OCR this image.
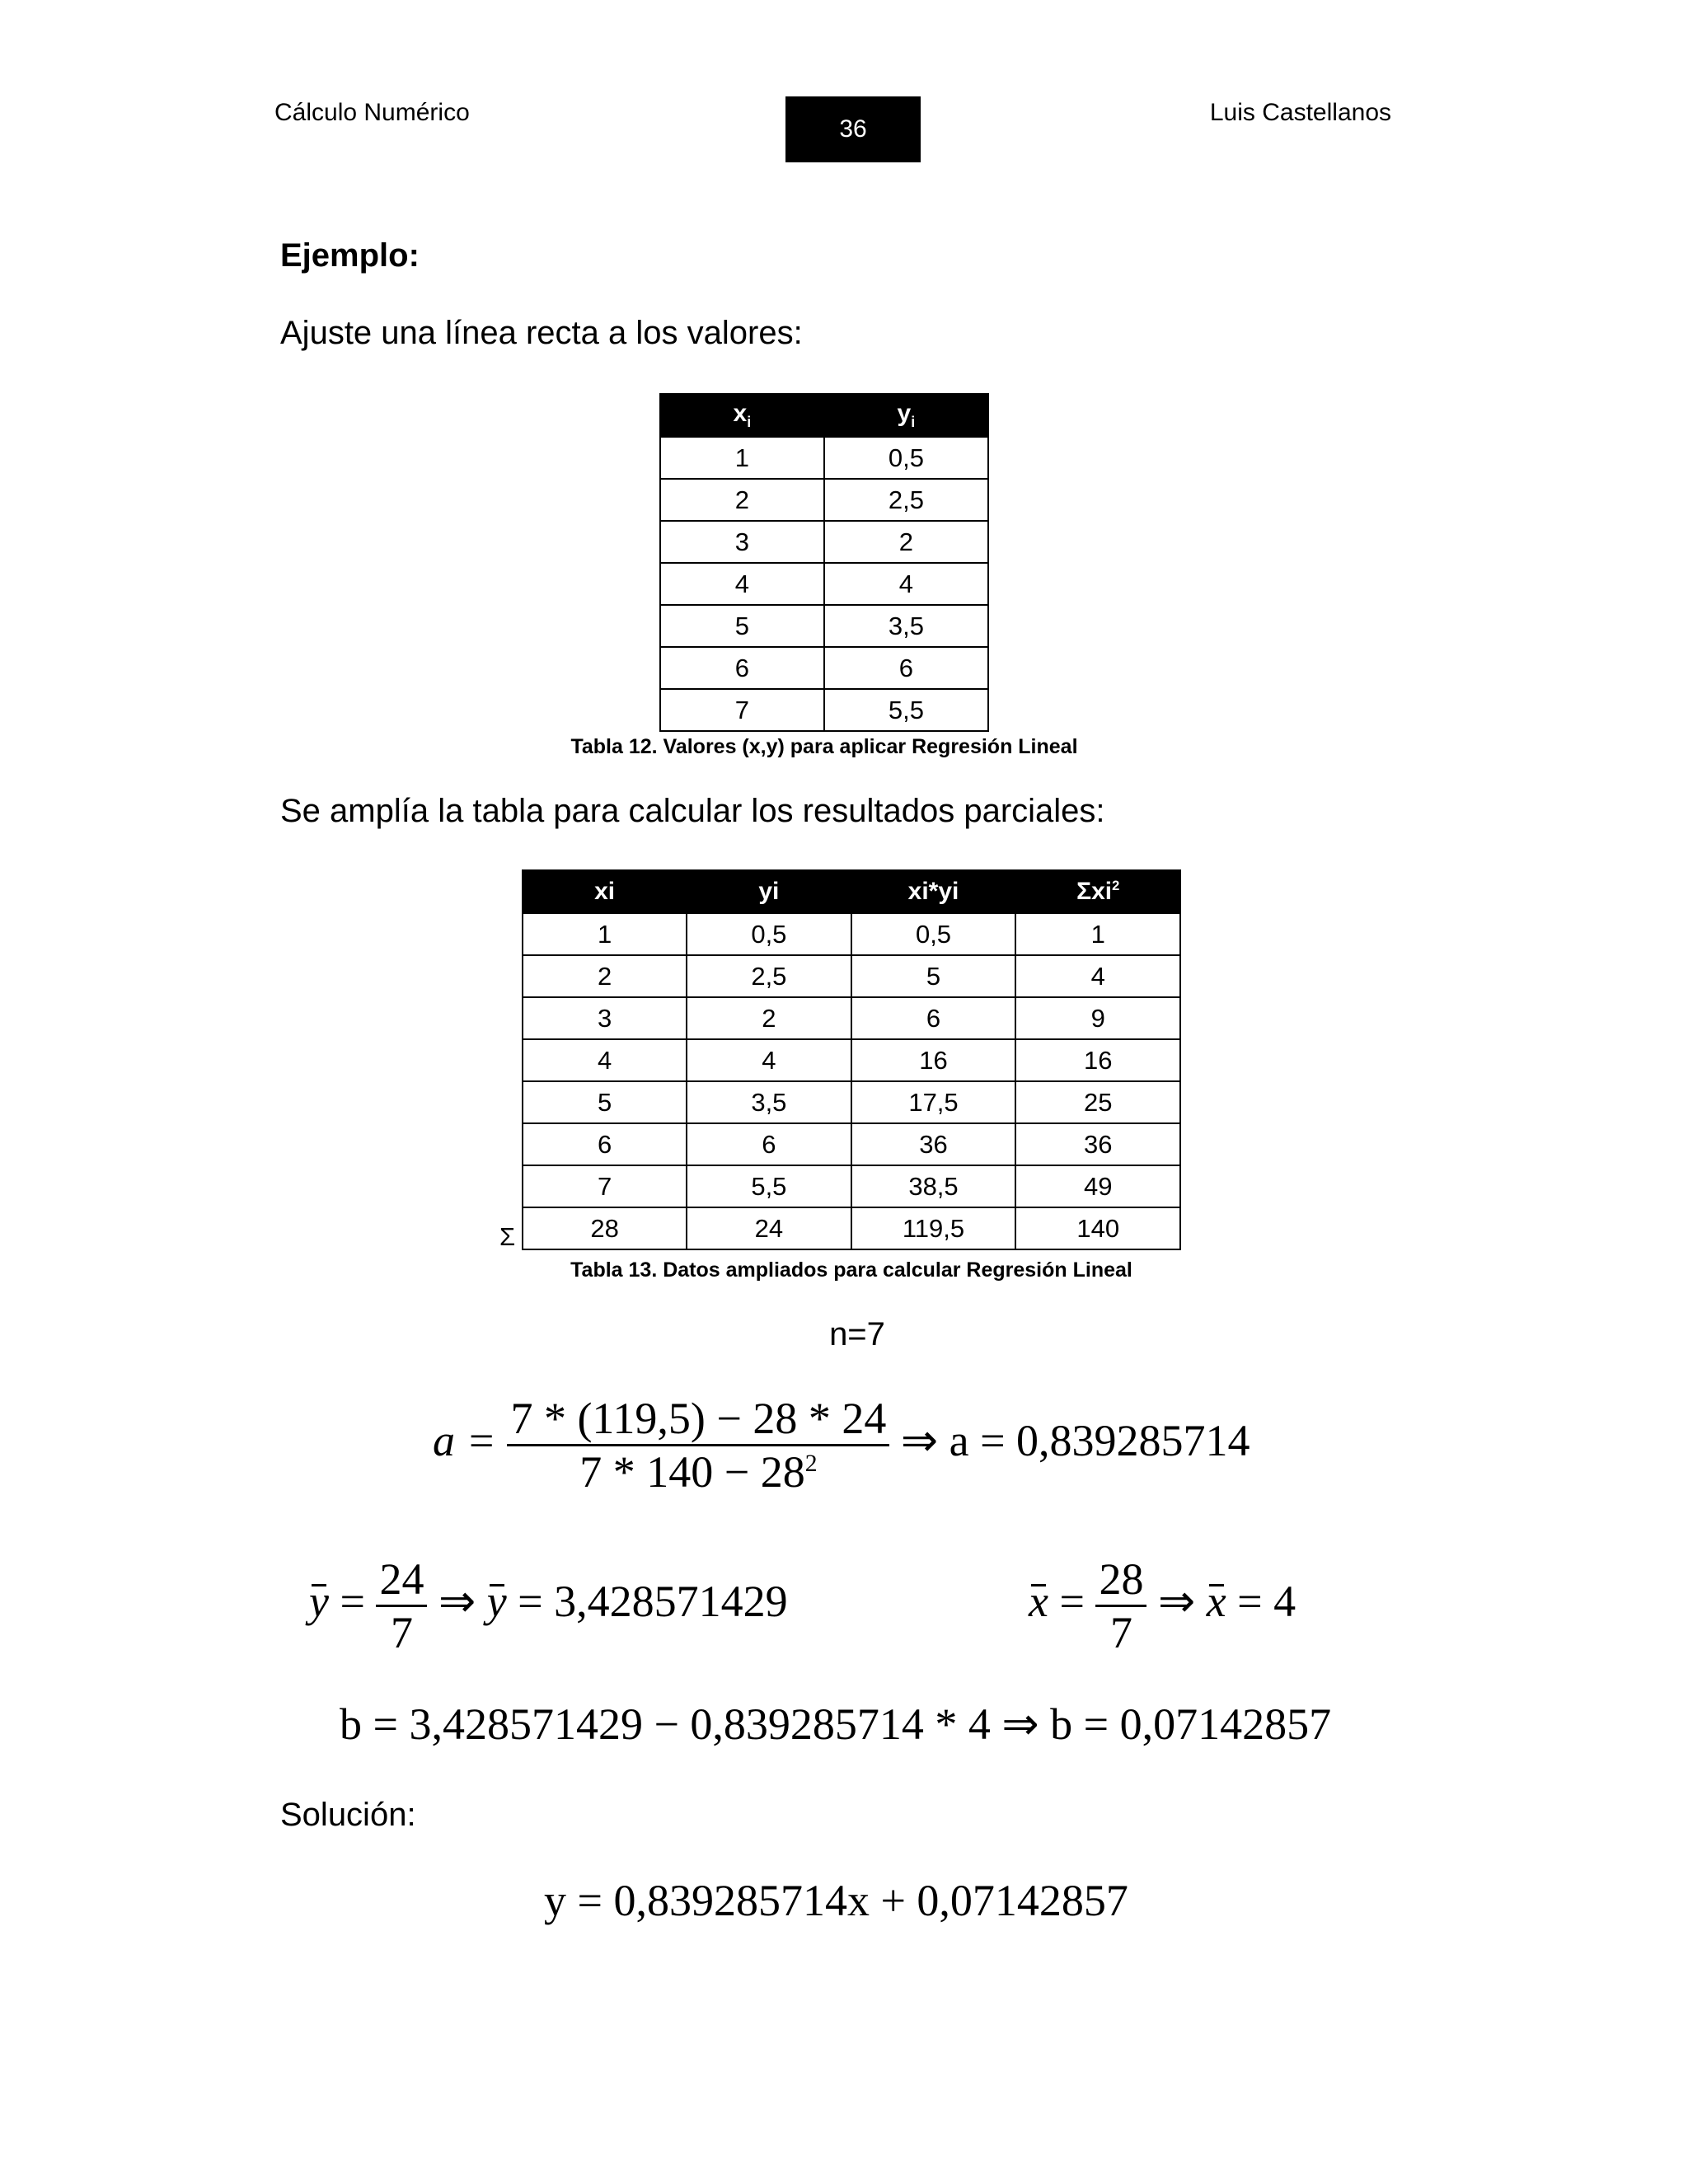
Cálculo Numérico
36
Luis Castellanos
Ejemplo:
Ajuste una línea recta a los valores:
$x_i$	$y_i$
1	0,5
2	2,5
3	2
4	4
5	3,5
6	6
7	5,5
Tabla 12. Valores (x,y) para aplicar Regresión Lineal
Se amplía la tabla para calcular los resultados parciales:
Σ
xi	yi	xi*yi	Σxi$^2$
1	0,5	0,5	1
2	2,5	5	4
3	2	6	9
4	4	16	16
5	3,5	17,5	25
6	6	36	36
7	5,5	38,5	49
28	24	119,5	140
Tabla 13. Datos ampliados para calcular Regresión Lineal
n=7
$a = \frac{7 * (119,5) - 28 * 24}{7 * 140 - 28^2}$ ⇒ a = 0,839285714
$y = \frac{24}{7}$ ⇒ y = 3,428571429	$x = \frac{28}{7}$ ⇒ x = 4
b = 3,428571429 − 0,839285714 * 4 ⇒ b = 0,07142857
Solución:
y = 0,839285714x + 0,07142857
